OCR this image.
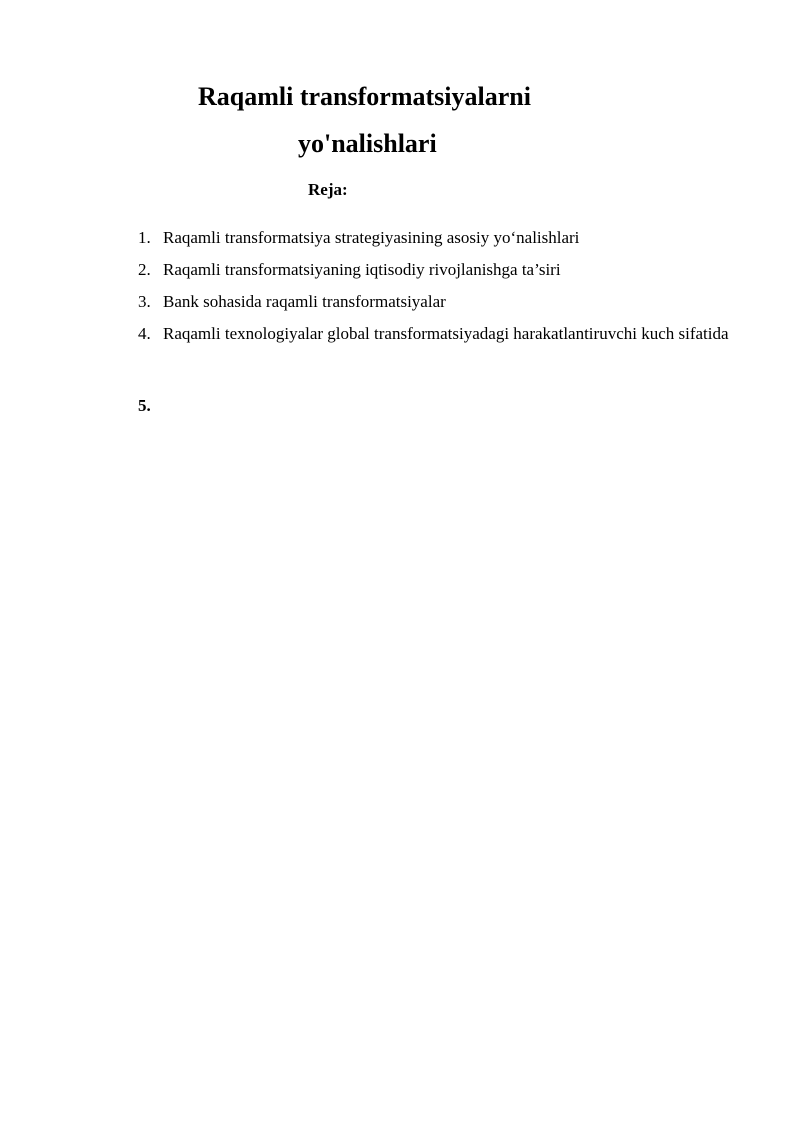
Raqamli transformatsiyalarni
yo'nalishlari
Reja:
1. Raqamli transformatsiya strategiyasining asosiy yo‘nalishlari
2. Raqamli transformatsiyaning iqtisodiy rivojlanishga ta’siri
3. Bank sohasida raqamli transformatsiyalar
4. Raqamli texnologiyalar global transformatsiyadagi harakatlantiruvchi kuch sifatida
5.
